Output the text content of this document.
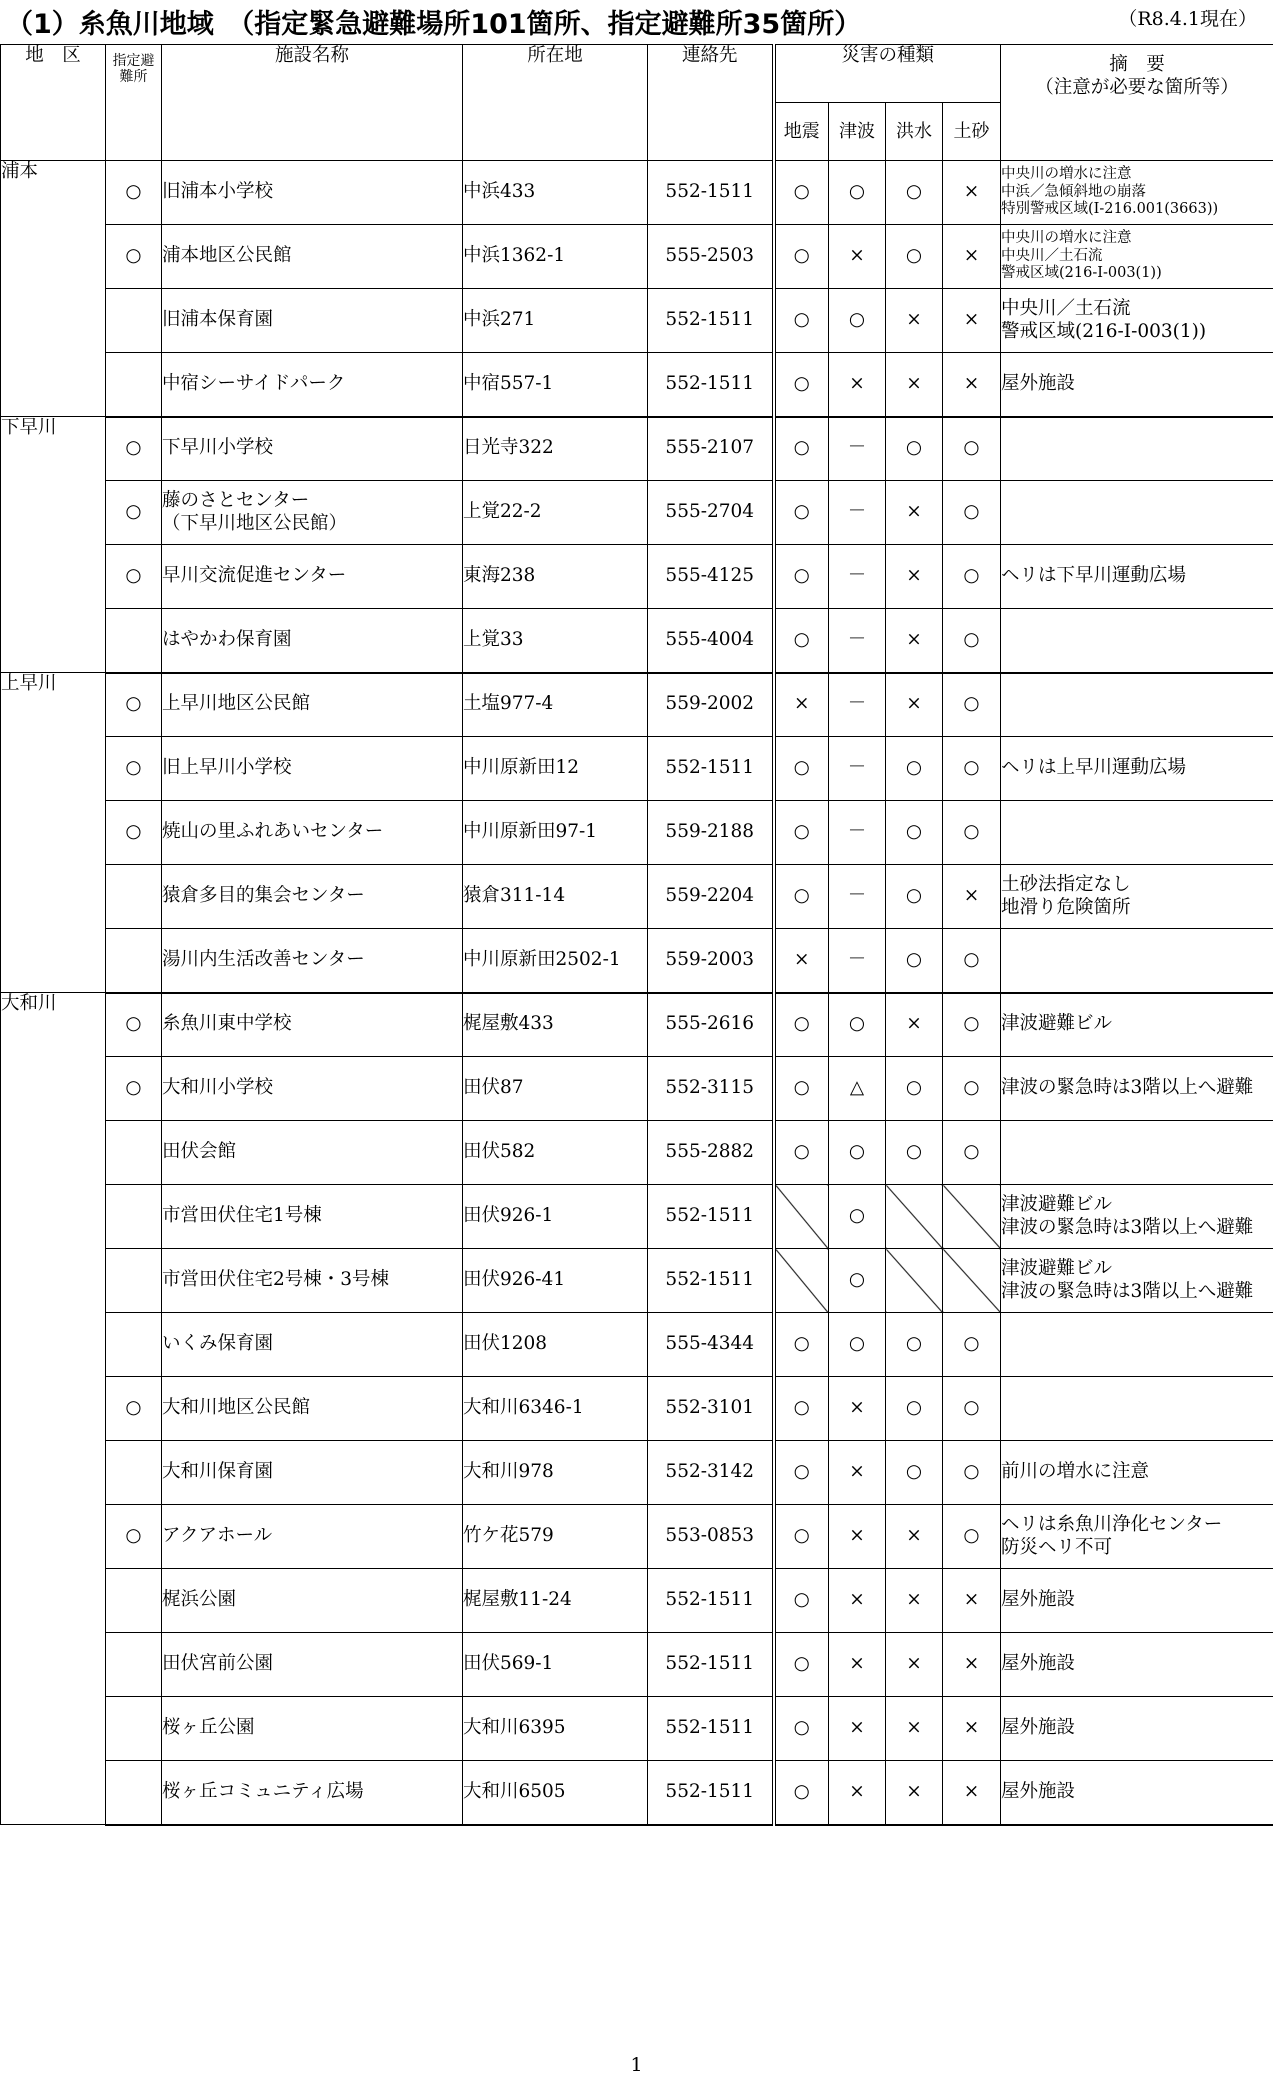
（1）糸魚川地域　（指定緊急避難場所101箇所、指定避難所35箇所）	（R8.4.1現在）
地　区	指定避難所	施設名称	所在地	連絡先	災害の種類				摘　要
（注意が必要な箇所等）
					地震	津波	洪水	土砂	
浦本	○	旧浦本小学校	中浜433	552-1511	○	○	○	×	中央川の増水に注意
中浜／急傾斜地の崩落
特別警戒区域(Ⅰ-216.001(3663))
	○	浦本地区公民館	中浜1362-1	555-2503	○	×	○	×	中央川の増水に注意
中央川／土石流
警戒区域(216-Ⅰ-003(1))
		旧浦本保育園	中浜271	552-1511	○	○	×	×	中央川／土石流
警戒区域(216-Ⅰ-003(1))
		中宿シーサイドパーク	中宿557-1	552-1511	○	×	×	×	屋外施設
下早川	○	下早川小学校	日光寺322	555-2107	○	－	○	○	
	○	藤のさとセンター
（下早川地区公民館）	上覚22-2	555-2704	○	－	×	○	
	○	早川交流促進センター	東海238	555-4125	○	－	×	○	ヘリは下早川運動広場
		はやかわ保育園	上覚33	555-4004	○	－	×	○	
上早川	○	上早川地区公民館	土塩977-4	559-2002	×	－	×	○	
	○	旧上早川小学校	中川原新田12	552-1511	○	－	○	○	ヘリは上早川運動広場
	○	焼山の里ふれあいセンター	中川原新田97-1	559-2188	○	－	○	○	
		猿倉多目的集会センター	猿倉311-14	559-2204	○	－	○	×	土砂法指定なし
地滑り危険箇所
		湯川内生活改善センター	中川原新田2502-1	559-2003	×	－	○	○	
大和川	○	糸魚川東中学校	梶屋敷433	555-2616	○	○	×	○	津波避難ビル
	○	大和川小学校	田伏87	552-3115	○	△	○	○	津波の緊急時は3階以上へ避難
		田伏会館	田伏582	555-2882	○	○	○	○	
		市営田伏住宅1号棟	田伏926-1	552-1511		○			津波避難ビル
津波の緊急時は3階以上へ避難
		市営田伏住宅2号棟・3号棟	田伏926-41	552-1511		○			津波避難ビル
津波の緊急時は3階以上へ避難
		いくみ保育園	田伏1208	555-4344	○	○	○	○	
	○	大和川地区公民館	大和川6346-1	552-3101	○	×	○	○	
		大和川保育園	大和川978	552-3142	○	×	○	○	前川の増水に注意
	○	アクアホール	竹ケ花579	553-0853	○	×	×	○	ヘリは糸魚川浄化センター
防災ヘリ不可
		梶浜公園	梶屋敷11-24	552-1511	○	×	×	×	屋外施設
		田伏宮前公園	田伏569-1	552-1511	○	×	×	×	屋外施設
		桜ヶ丘公園	大和川6395	552-1511	○	×	×	×	屋外施設
		桜ヶ丘コミュニティ広場	大和川6505	552-1511	○	×	×	×	屋外施設
1
